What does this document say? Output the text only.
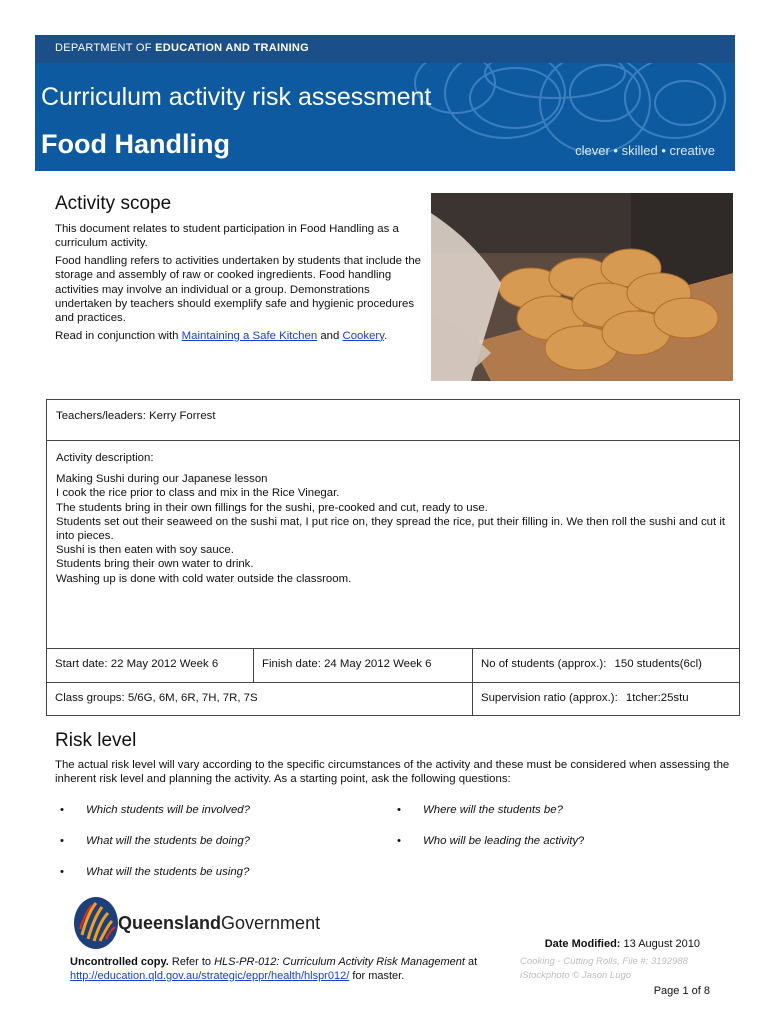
DEPARTMENT OF EDUCATION AND TRAINING
Curriculum activity risk assessment
Food Handling	clever • skilled • creative
Activity scope

This document relates to student participation in Food Handling as a curriculum activity.

Food handling refers to activities undertaken by students that include the storage and assembly of raw or cooked ingredients. Food handling activities may involve an individual or a group. Demonstrations undertaken by teachers should exemplify safe and hygienic procedures and practices.

Read in conjunction with Maintaining a Safe Kitchen and Cookery.

Teachers/leaders: Kerry Forrest

Activity description:

Making Sushi during our Japanese lesson

I cook the rice prior to class and mix in the Rice Vinegar.

The students bring in their own fillings for the sushi, pre-cooked and cut, ready to use.

Students set out their seaweed on the sushi mat, I put rice on, they spread the rice, put their filling in. We then roll the sushi and cut it into pieces.

Sushi is then eaten with soy sauce.

Students bring their own water to drink.

Washing up is done with cold water outside the classroom.

Start date: 22 May 2012 Week 6	Finish date: 24 May 2012 Week 6	No of students (approx.): 150 students(6cl)
Class groups: 5/6G, 6M, 6R, 7H, 7R, 7S	Supervision ratio (approx.): 1tcher:25stu
Risk level
The actual risk level will vary according to the specific circumstances of the activity and these must be considered when assessing the inherent risk level and planning the activity. As a starting point, ask the following questions:
• Which students will be involved?	• Where will the students be?
• What will the students be doing?	• Who will be leading the activity?
• What will the students be using?
QueenslandGovernment
Date Modified: 13 August 2010
Uncontrolled copy. Refer to HLS-PR-012: Curriculum Activity Risk Management at
http://education.qld.gov.au/strategic/eppr/health/hlspr012/ for master.
Cooking - Cutting Rolls, File #: 3192988
iStockphoto © Jason Lugo
Page 1 of 8
